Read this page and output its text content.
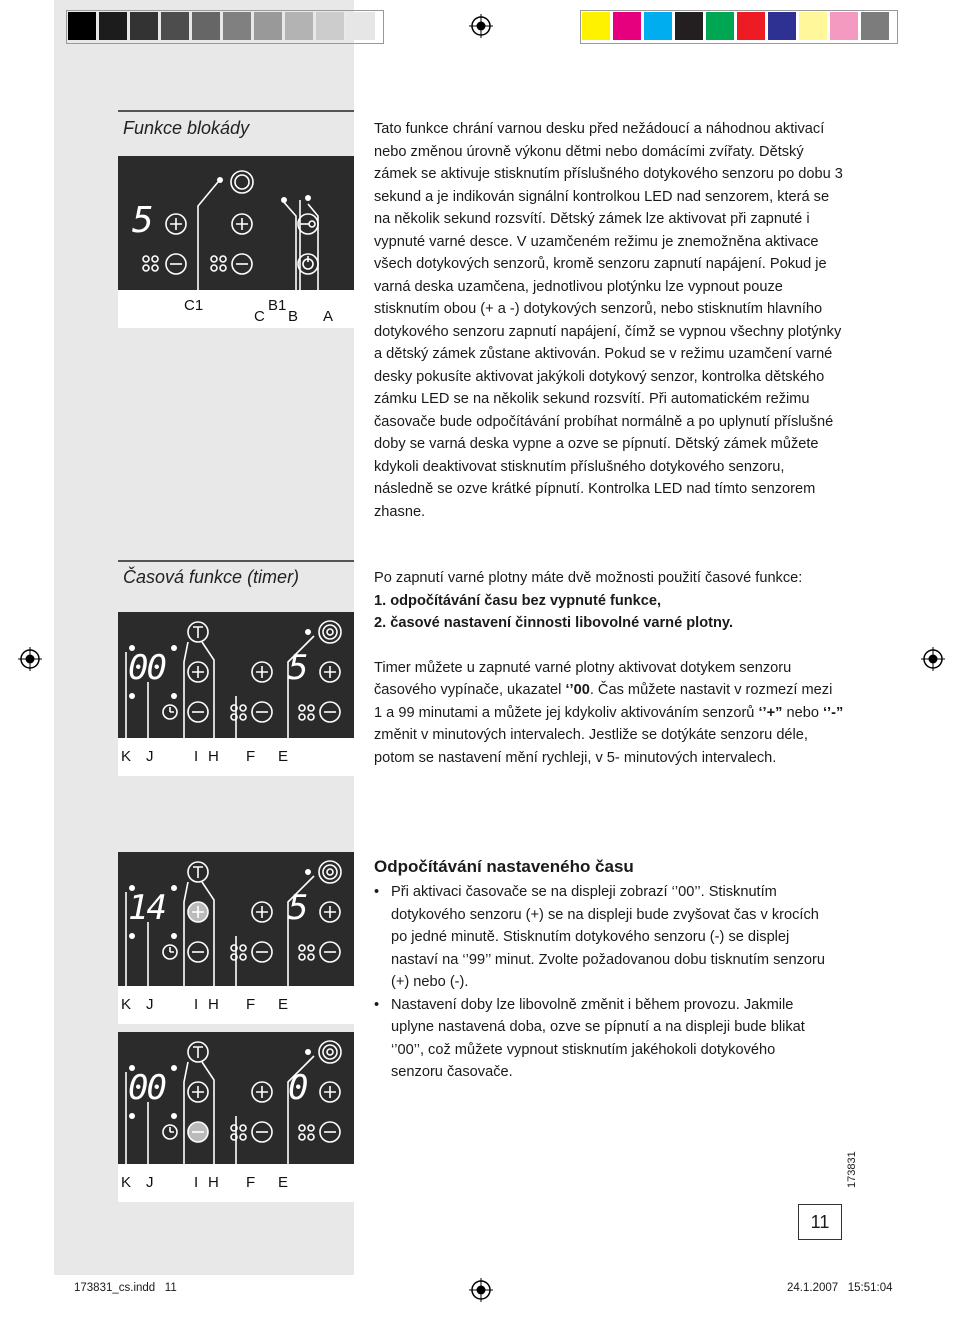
Funkce blokády	Tato funkce chrání varnou desku před nežádoucí a náhodnou aktivací nebo změnou úrovně výkonu dětmi nebo domácími zvířaty. Dětský zámek se aktivuje stisknutím příslušného dotykového senzoru po dobu 3 sekund a je indikován signální kontrolkou LED nad senzorem, která se na několik sekund rozsvítí. Dětský zámek lze aktivovat při zapnuté i vypnuté varné desce. V uzamčeném režimu je znemožněna aktivace všech dotykových senzorů, kromě senzoru zapnutí napájení. Pokud je varná deska uzamčena, jednotlivou plotýnku lze vypnout pouze stisknutím obou (+ a -) dotykových senzorů, nebo stisknutím hlavního dotykového senzoru zapnutí napájení, čímž se vypnou všechny plotýnky a dětský zámek zůstane aktivován. Pokud se v režimu uzamčení varné desky pokusíte aktivovat jakýkoli dotykový senzor, kontrolka dětského zámku LED se na několik sekund rozsvítí. Při automatickém režimu časovače bude odpočítávání probíhat normálně a po uplynutí příslušné doby se varná deska vypne a ozve se pípnutí. Dětský zámek můžete kdykoli deaktivovat stisknutím příslušného dotykového senzoru, následně se ozve krátké pípnutí. Kontrolka LED nad tímto senzorem zhasne.

5
C1	B1
C B A
Časová funkce (timer)	Po zapnutí varné plotny máte dvě možnosti použití časové funkce:

1. odpočítávání času bez vypnuté funkce,

2. časové nastavení činnosti libovolné varné plotny.

Timer můžete u zapnuté varné plotny aktivovat dotykem senzoru časového vypínače, ukazatel ‘’00. Čas můžete nastavit v rozmezí mezi 1 a 99 minutami a můžete jej kdykoliv aktivováním senzorů ‘’+” nebo ‘’-” změnit v minutových intervalech. Jestliže se dotýkáte senzoru déle, potom se nastavení mění rychleji, v 5- minutových intervalech.

00	5
K J	I H F E
14	5
K J	I H F E
00	0
K J	I H F E
Odpočítávání nastaveného času

• Při aktivaci časovače se na displeji zobrazí ‘’00’’. Stisknutím dotykového senzoru (+) se na displeji bude zvyšovat čas v krocích po jedné minutě. Stisknutím dotykového senzoru (-) se displej nastaví na ‘’99’’ minut. Zvolte požadovanou dobu tisknutím senzoru (+) nebo (-).

• Nastavení doby lze libovolně změnit i během provozu. Jakmile uplyne nastavená doba, ozve se pípnutí a na displeji bude blikat ‘’00’’, což můžete vypnout stisknutím jakéhokoli dotykového senzoru časovače.

173831
11
173831_cs.indd   11	24.1.2007   15:51:04
